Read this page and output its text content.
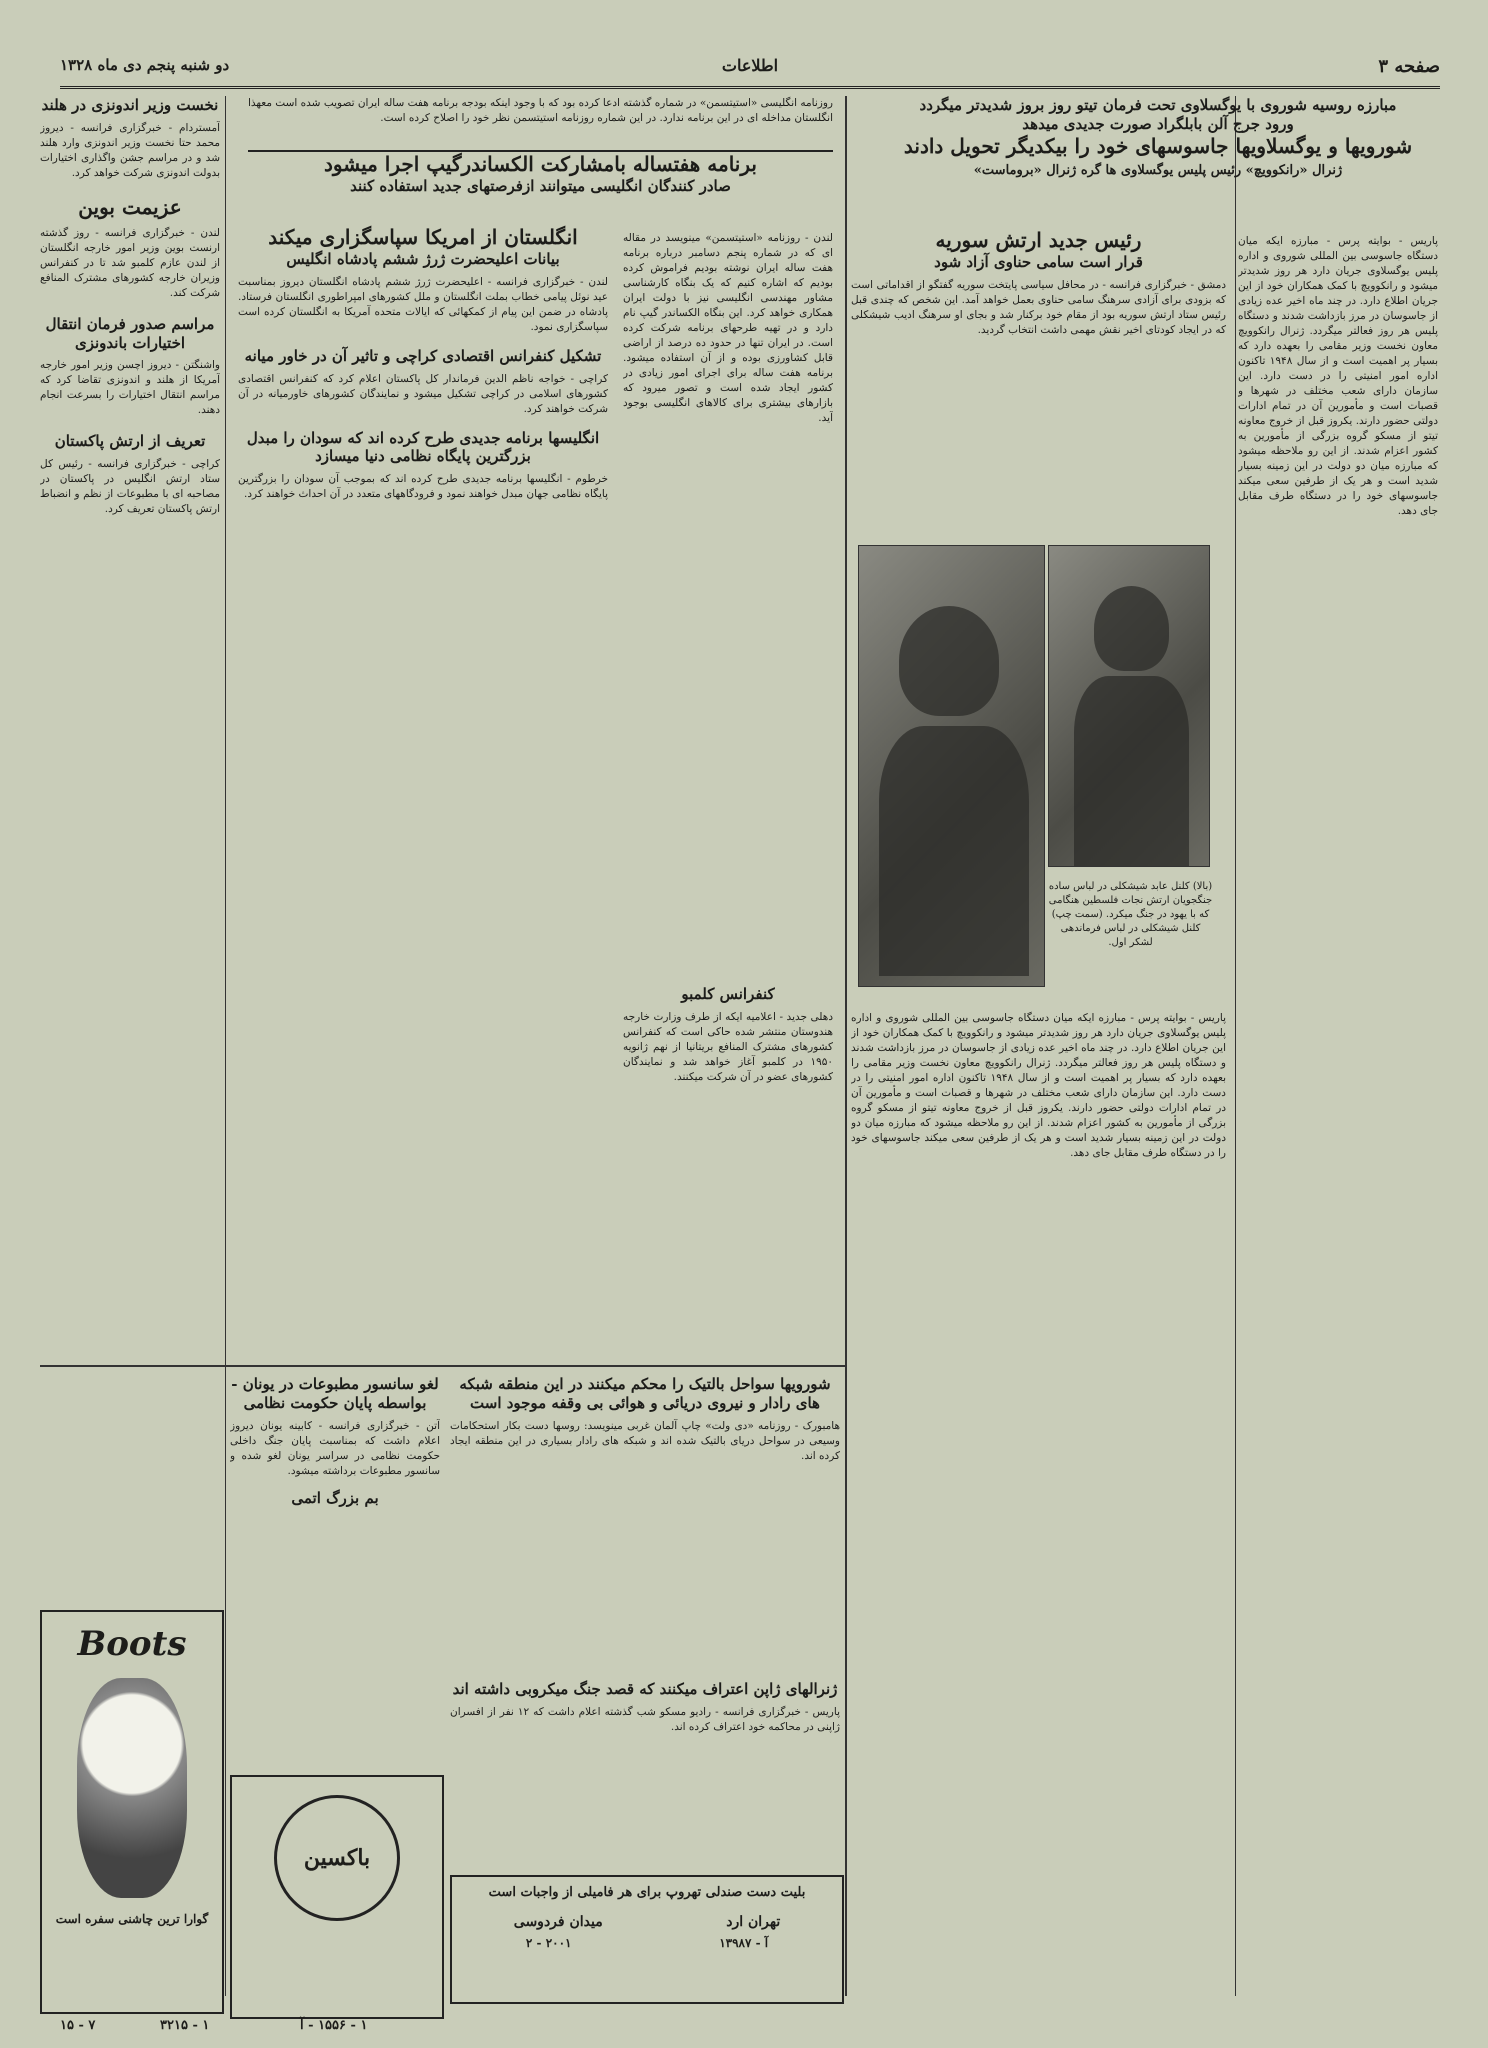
صفحه ۳
اطلاعات
دو شنبه پنجم دی ماه ۱۳۲۸
مبارزه روسیه شوروی با یوگسلاوی تحت فرمان تیتو روز بروز شدیدتر میگردد
ورود جرج آلن بابلگراد صورت جدیدی میدهد
شورویها و یوگسلاویها جاسوسهای خود را بیکدیگر تحویل دادند
ژنرال «رانکوویچ» رئیس پلیس یوگسلاوی ها گره ژنرال «بروماست»
پاریس - بوایته پرس - مبارزه ایکه میان دستگاه جاسوسی بین المللی شوروی و اداره پلیس یوگسلاوی جریان دارد هر روز شدیدتر میشود و رانکوویچ با کمک همکاران خود از این جریان اطلاع دارد. در چند ماه اخیر عده زیادی از جاسوسان در مرز بازداشت شدند و دستگاه پلیس هر روز فعالتر میگردد. ژنرال رانکوویچ معاون نخست وزیر مقامی را بعهده دارد که بسیار پر اهمیت است و از سال ۱۹۴۸ تاکنون اداره امور امنیتی را در دست دارد. این سازمان دارای شعب مختلف در شهرها و قصبات است و مأمورین آن در تمام ادارات دولتی حضور دارند. یکروز قبل از خروج معاونه تیتو از مسکو گروه بزرگی از مأمورین به کشور اعزام شدند. از این رو ملاحظه میشود که مبارزه میان دو دولت در این زمینه بسیار شدید است و هر یک از طرفین سعی میکند جاسوسهای خود را در دستگاه طرف مقابل جای دهد.
رئیس جدید ارتش سوریه
قرار است سامی حناوی آزاد شود
دمشق - خبرگزاری فرانسه - در محافل سیاسی پایتخت سوریه گفتگو از اقداماتی است که بزودی برای آزادی سرهنگ سامی حناوی بعمل خواهد آمد. این شخص که چندی قبل رئیس ستاد ارتش سوریه بود از مقام خود برکنار شد و بجای او سرهنگ ادیب شیشکلی که در ایجاد کودتای اخیر نقش مهمی داشت انتخاب گردید.
(بالا) کلنل عابد شیشکلی در لباس ساده جنگجویان ارتش نجات فلسطین هنگامی که با یهود در جنگ میکرد. (سمت چپ) کلنل شیشکلی در لباس فرماندهی لشکر اول.
پاریس - بوایته پرس - مبارزه ایکه میان دستگاه جاسوسی بین المللی شوروی و اداره پلیس یوگسلاوی جریان دارد هر روز شدیدتر میشود و رانکوویچ با کمک همکاران خود از این جریان اطلاع دارد. در چند ماه اخیر عده زیادی از جاسوسان در مرز بازداشت شدند و دستگاه پلیس هر روز فعالتر میگردد. ژنرال رانکوویچ معاون نخست وزیر مقامی را بعهده دارد که بسیار پر اهمیت است و از سال ۱۹۴۸ تاکنون اداره امور امنیتی را در دست دارد. این سازمان دارای شعب مختلف در شهرها و قصبات است و مأمورین آن در تمام ادارات دولتی حضور دارند. یکروز قبل از خروج معاونه تیتو از مسکو گروه بزرگی از مأمورین به کشور اعزام شدند. از این رو ملاحظه میشود که مبارزه میان دو دولت در این زمینه بسیار شدید است و هر یک از طرفین سعی میکند جاسوسهای خود را در دستگاه طرف مقابل جای دهد.
روزنامه انگلیسی «استیتسمن» در شماره گذشته ادعا کرده بود که با وجود اینکه بودجه برنامه هفت ساله ایران تصویب شده است معهذا انگلستان مداخله ای در این برنامه ندارد. در این شماره روزنامه استیتسمن نظر خود را اصلاح کرده است.
برنامه هفتساله بامشارکت الکساندرگیپ اجرا میشود
صادر کنندگان انگلیسی میتوانند ازفرصتهای جدید استفاده کنند
لندن - روزنامه «استیتسمن» مینویسد در مقاله ای که در شماره پنجم دسامبر درباره برنامه هفت ساله ایران نوشته بودیم فراموش کرده بودیم که اشاره کنیم که یک بنگاه کارشناسی مشاور مهندسی انگلیسی نیز با دولت ایران همکاری خواهد کرد. این بنگاه الکساندر گیپ نام دارد و در تهیه طرحهای برنامه شرکت کرده است. در ایران تنها در حدود ده درصد از اراضی قابل کشاورزی بوده و از آن استفاده میشود. برنامه هفت ساله برای اجرای امور زیادی در کشور ایجاد شده است و تصور میرود که بازارهای بیشتری برای کالاهای انگلیسی بوجود آید.
کنفرانس کلمبو
دهلی جدید - اعلامیه ایکه از طرف وزارت خارجه هندوستان منتشر شده حاکی است که کنفرانس کشورهای مشترک المنافع بریتانیا از نهم ژانویه ۱۹۵۰ در کلمبو آغاز خواهد شد و نمایندگان کشورهای عضو در آن شرکت میکنند.
انگلستان از امریکا سپاسگزاری میکند
بیانات اعلیحضرت ژرژ ششم پادشاه انگلیس
لندن - خبرگزاری فرانسه - اعلیحضرت ژرژ ششم پادشاه انگلستان دیروز بمناسبت عید نوئل پیامی خطاب بملت انگلستان و ملل کشورهای امپراطوری انگلستان فرستاد. پادشاه در ضمن این پیام از کمکهائی که ایالات متحده آمریکا به انگلستان کرده است سپاسگزاری نمود.
تشکیل کنفرانس اقتصادی کراچی و تاثیر آن در خاور میانه
کراچی - خواجه ناظم الدین فرماندار کل پاکستان اعلام کرد که کنفرانس اقتصادی کشورهای اسلامی در کراچی تشکیل میشود و نمایندگان کشورهای خاورمیانه در آن شرکت خواهند کرد.
انگلیسها برنامه جدیدی طرح کرده اند که سودان را مبدل بزرگترین پایگاه نظامی دنیا میسازد
خرطوم - انگلیسها برنامه جدیدی طرح کرده اند که بموجب آن سودان را بزرگترین پایگاه نظامی جهان مبدل خواهند نمود و فرودگاههای متعدد در آن احداث خواهند کرد.
نخست وزیر اندونزی در هلند
آمستردام - خبرگزاری فرانسه - دیروز محمد حتا نخست وزیر اندونزی وارد هلند شد و در مراسم جشن واگذاری اختیارات بدولت اندونزی شرکت خواهد کرد.
عزیمت بوین
لندن - خبرگزاری فرانسه - روز گذشته ارنست بوین وزیر امور خارجه انگلستان از لندن عازم کلمبو شد تا در کنفرانس وزیران خارجه کشورهای مشترک المنافع شرکت کند.
مراسم صدور فرمان انتقال اختیارات باندونزی
واشنگتن - دیروز اچسن وزیر امور خارجه آمریکا از هلند و اندونزی تقاضا کرد که مراسم انتقال اختیارات را بسرعت انجام دهند.
تعریف از ارتش پاکستان
کراچی - خبرگزاری فرانسه - رئیس کل ستاد ارتش انگلیس در پاکستان در مصاحبه ای با مطبوعات از نظم و انضباط ارتش پاکستان تعریف کرد.
لغو سانسور مطبوعات در یونان - بواسطه پایان حکومت نظامی
آتن - خبرگزاری فرانسه - کابینه یونان دیروز اعلام داشت که بمناسبت پایان جنگ داخلی حکومت نظامی در سراسر یونان لغو شده و سانسور مطبوعات برداشته میشود.
بم بزرگ اتمی
شورویها سواحل بالتیک را محکم میکنند در این منطقه شبکه های رادار و نیروی دریائی و هوائی بی وقفه موجود است
هامبورک - روزنامه «دی ولت» چاپ آلمان غربی مینویسد: روسها دست بکار استحکامات وسیعی در سواحل دریای بالتیک شده اند و شبکه های رادار بسیاری در این منطقه ایجاد کرده اند.
ژنرالهای ژاپن اعتراف میکنند که قصد جنگ میکروبی داشته اند
پاریس - خبرگزاری فرانسه - رادیو مسکو شب گذشته اعلام داشت که ۱۲ نفر از افسران ژاپنی در محاکمه خود اعتراف کرده اند.
Boots
گوارا ترین چاشنی سفره است
باکسین
بلیت دست صندلی تهروپ برای هر فامیلی از واجبات است
تهران ارد
میدان فردوسی
آ - ۱۳۹۸۷
۲۰۰۱ - ۲
۷ - ۱۵	۱ - ۳۲۱۵	۱ - ۱۵۵۶ - آ
